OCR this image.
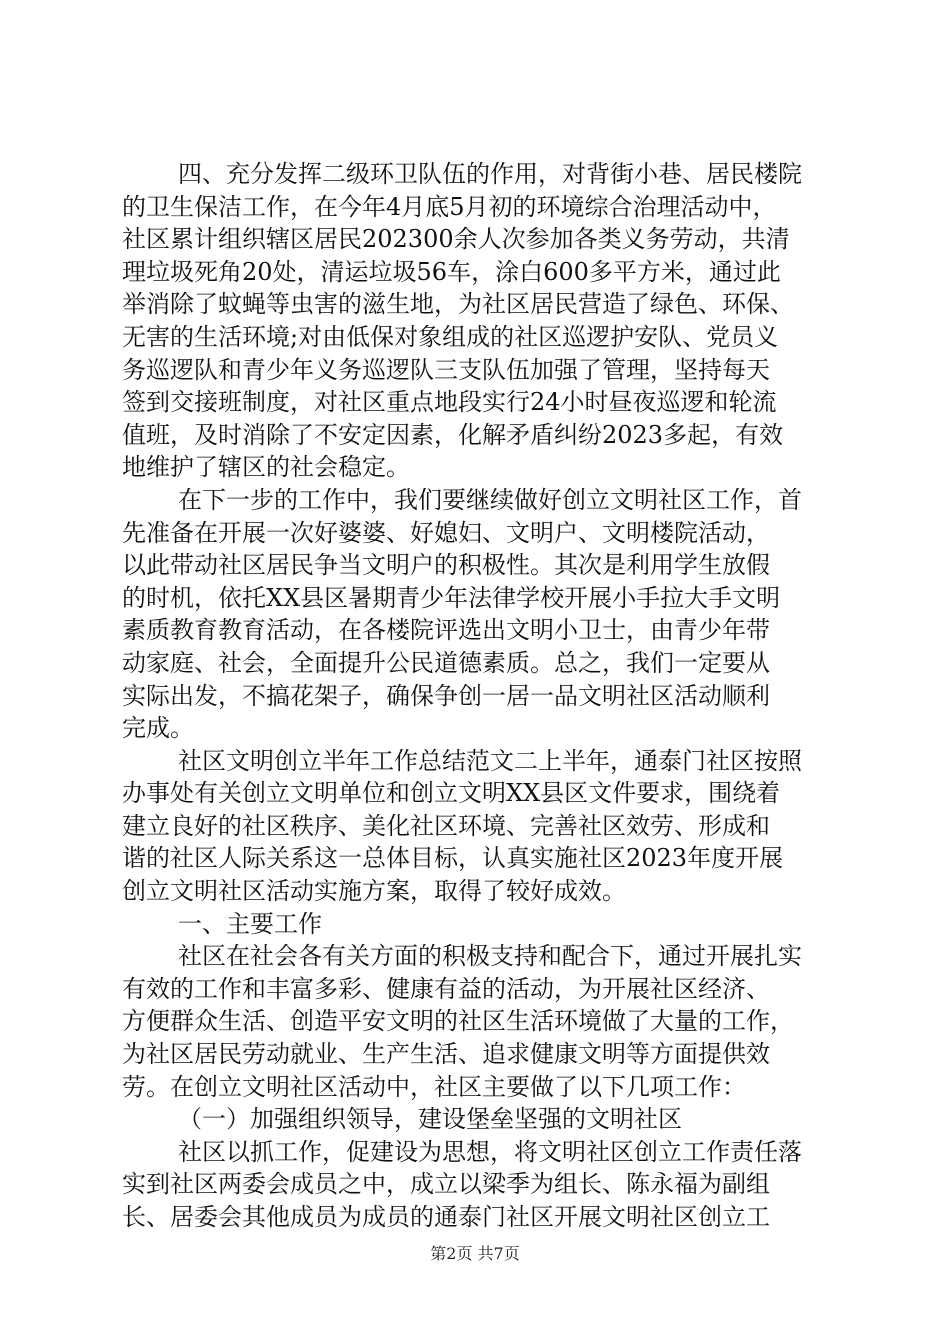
四、充分发挥二级环卫队伍的作用，对背街小巷、居民楼院
的卫生保洁工作，在今年4月底5月初的环境综合治理活动中，
社区累计组织辖区居民202300余人次参加各类义务劳动，共清
理垃圾死角20处，清运垃圾56车，涂白600多平方米，通过此
举消除了蚊蝇等虫害的滋生地，为社区居民营造了绿色、环保、
无害的生活环境;对由低保对象组成的社区巡逻护安队、党员义
务巡逻队和青少年义务巡逻队三支队伍加强了管理，坚持每天
签到交接班制度，对社区重点地段实行24小时昼夜巡逻和轮流
值班，及时消除了不安定因素，化解矛盾纠纷2023多起，有效
地维护了辖区的社会稳定。
在下一步的工作中，我们要继续做好创立文明社区工作，首
先准备在开展一次好婆婆、好媳妇、文明户、文明楼院活动，
以此带动社区居民争当文明户的积极性。其次是利用学生放假
的时机，依托XX县区暑期青少年法律学校开展小手拉大手文明
素质教育教育活动，在各楼院评选出文明小卫士，由青少年带
动家庭、社会，全面提升公民道德素质。总之，我们一定要从
实际出发，不搞花架子，确保争创一居一品文明社区活动顺利
完成。
社区文明创立半年工作总结范文二上半年，通泰门社区按照
办事处有关创立文明单位和创立文明XX县区文件要求，围绕着
建立良好的社区秩序、美化社区环境、完善社区效劳、形成和
谐的社区人际关系这一总体目标，认真实施社区2023年度开展
创立文明社区活动实施方案，取得了较好成效。
一、主要工作
社区在社会各有关方面的积极支持和配合下，通过开展扎实
有效的工作和丰富多彩、健康有益的活动，为开展社区经济、
方便群众生活、创造平安文明的社区生活环境做了大量的工作，
为社区居民劳动就业、生产生活、追求健康文明等方面提供效
劳。在创立文明社区活动中，社区主要做了以下几项工作：
（一）加强组织领导，建设堡垒坚强的文明社区
社区以抓工作，促建设为思想，将文明社区创立工作责任落
实到社区两委会成员之中，成立以梁季为组长、陈永福为副组
长、居委会其他成员为成员的通泰门社区开展文明社区创立工
第2页 共7页
